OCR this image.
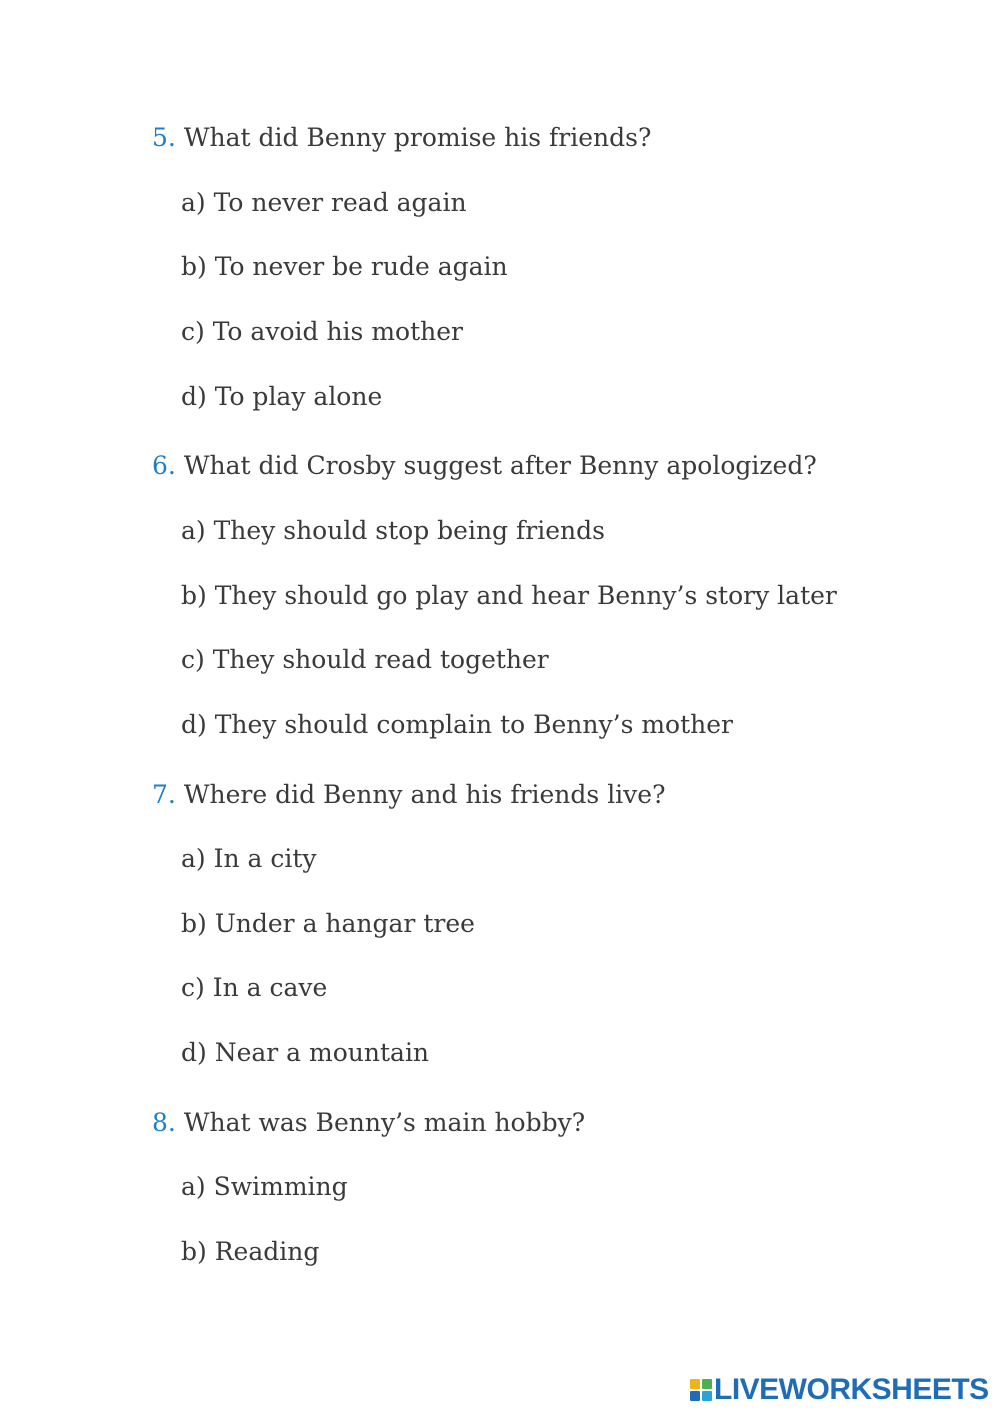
5. What did Benny promise his friends?
a) To never read again
b) To never be rude again
c) To avoid his mother
d) To play alone
6. What did Crosby suggest after Benny apologized?
a) They should stop being friends
b) They should go play and hear Benny’s story later
c) They should read together
d) They should complain to Benny’s mother
7. Where did Benny and his friends live?
a) In a city
b) Under a hangar tree
c) In a cave
d) Near a mountain
8. What was Benny’s main hobby?
a) Swimming
b) Reading
LIVEWORKSHEETS
